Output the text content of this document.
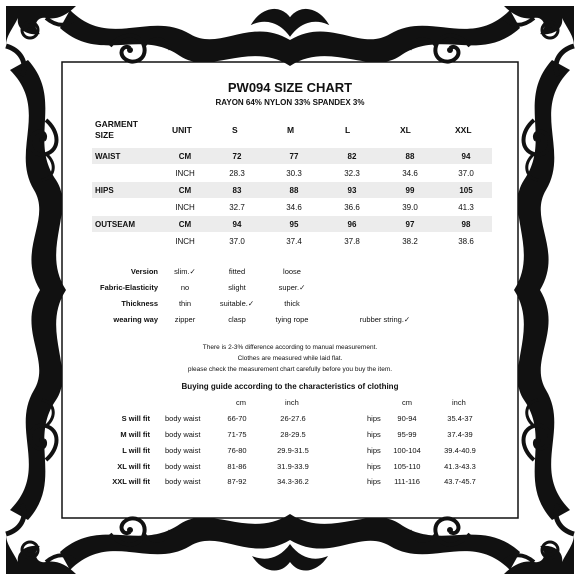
PW094 SIZE CHART
RAYON 64% NYLON 33% SPANDEX 3%
GARMENT
SIZE	UNIT	S	M	L	XL	XXL
WAIST	CM	72	77	82	88	94
INCH	28.3	30.3	32.3	34.6	37.0
HIPS	CM	83	88	93	99	105
INCH	32.7	34.6	36.6	39.0	41.3
OUTSEAM	CM	94	95	96	97	98
INCH	37.0	37.4	37.8	38.2	38.6
Version	slim.✓	fitted	loose
Fabric-Elasticity	no	slight	super.✓
Thickness	thin	suitable.✓	thick
wearing way	zipper	clasp	tying rope	rubber string.✓
There is 2-3% difference according to manual measurement.
Clothes are measured while laid flat.
please check the measurement chart carefully before you buy the item.
Buying guide according to the characteristics of clothing
cm	inch	cm	inch
S will fit body waist	66-70	26-27.6	hips	90-94	35.4-37
M will fit body waist	71-75	28-29.5	hips	95-99	37.4-39
L will fit body waist	76-80	29.9-31.5	hips	100-104	39.4-40.9
XL will fit body waist	81-86	31.9-33.9	hips	105-110	41.3-43.3
XXL will fit body waist	87-92	34.3-36.2	hips	111-116	43.7-45.7
